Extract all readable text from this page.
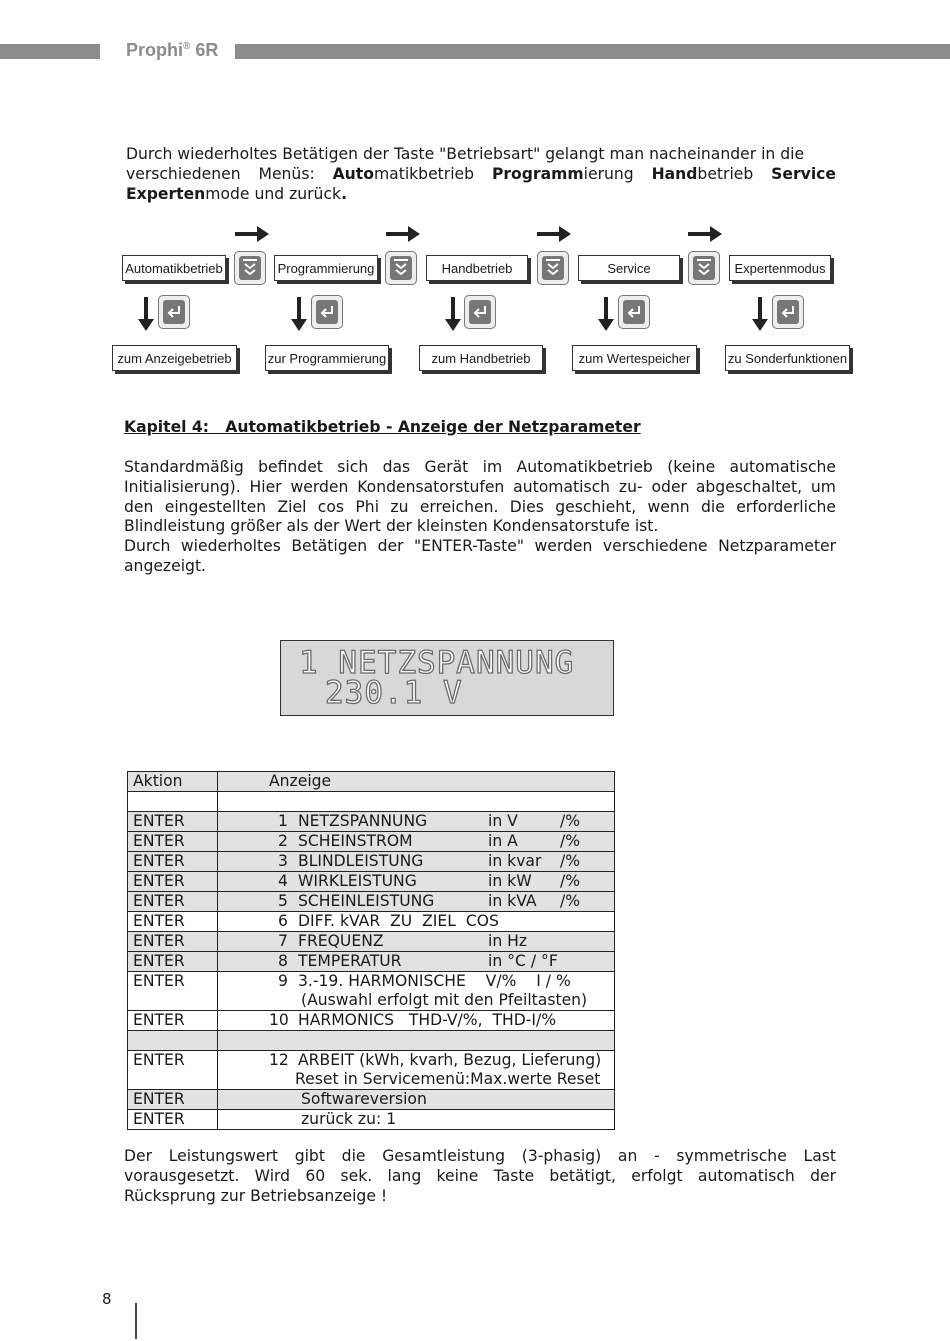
Prophi® 6R
Durch wiederholtes Betätigen der Taste "Betriebsart" gelangt man nacheinander in die
verschiedenen Menüs: Automatikbetrieb Programmierung Handbetrieb Service
Expertenmode und zurück.
Automatikbetrieb	Programmierung	Handbetrieb	Service	Expertenmodus
zum Anzeigebetrieb	zur Programmierung	zum Handbetrieb	zum Wertespeicher	zu Sonderfunktionen
Kapitel 4:   Automatikbetrieb - Anzeige der Netzparameter
Standardmäßig befindet sich das Gerät im Automatikbetrieb (keine automatische
Initialisierung). Hier werden Kondensatorstufen automatisch zu- oder abgeschaltet, um
den eingestellten Ziel cos Phi zu erreichen. Dies geschieht, wenn die erforderliche
Blindleistung größer als der Wert der kleinsten Kondensatorstufe ist.
Durch wiederholtes Betätigen der "ENTER-Taste" werden verschiedene Netzparameter
angezeigt.
1 NETZSPANNUNG
230.1 V
Aktion	Anzeige
ENTER	1 NETZSPANNUNG	in V	/%
ENTER	2 SCHEINSTROM	in A	/%
ENTER	3 BLINDLEISTUNG	in kvar /%
ENTER	4 WIRKLEISTUNG	in kW /%
ENTER	5 SCHEINLEISTUNG	in kVA /%
ENTER	6 DIFF. kVAR  ZU  ZIEL  COS
ENTER	7 FREQUENZ	in Hz
ENTER	8 TEMPERATUR	in °C / °F
ENTER	9 3.-19. HARMONISCHE    V/%    I / %
(Auswahl erfolgt mit den Pfeiltasten)
ENTER	10 HARMONICS   THD-V/%,  THD-I/%
ENTER	12 ARBEIT (kWh, kvarh, Bezug, Lieferung)
Reset in Servicemenü:Max.werte Reset
ENTER	Softwareversion
ENTER	zurück zu: 1
Der Leistungswert gibt die Gesamtleistung (3-phasig) an - symmetrische Last
vorausgesetzt. Wird 60 sek. lang keine Taste betätigt, erfolgt automatisch der
Rücksprung zur Betriebsanzeige !
8
